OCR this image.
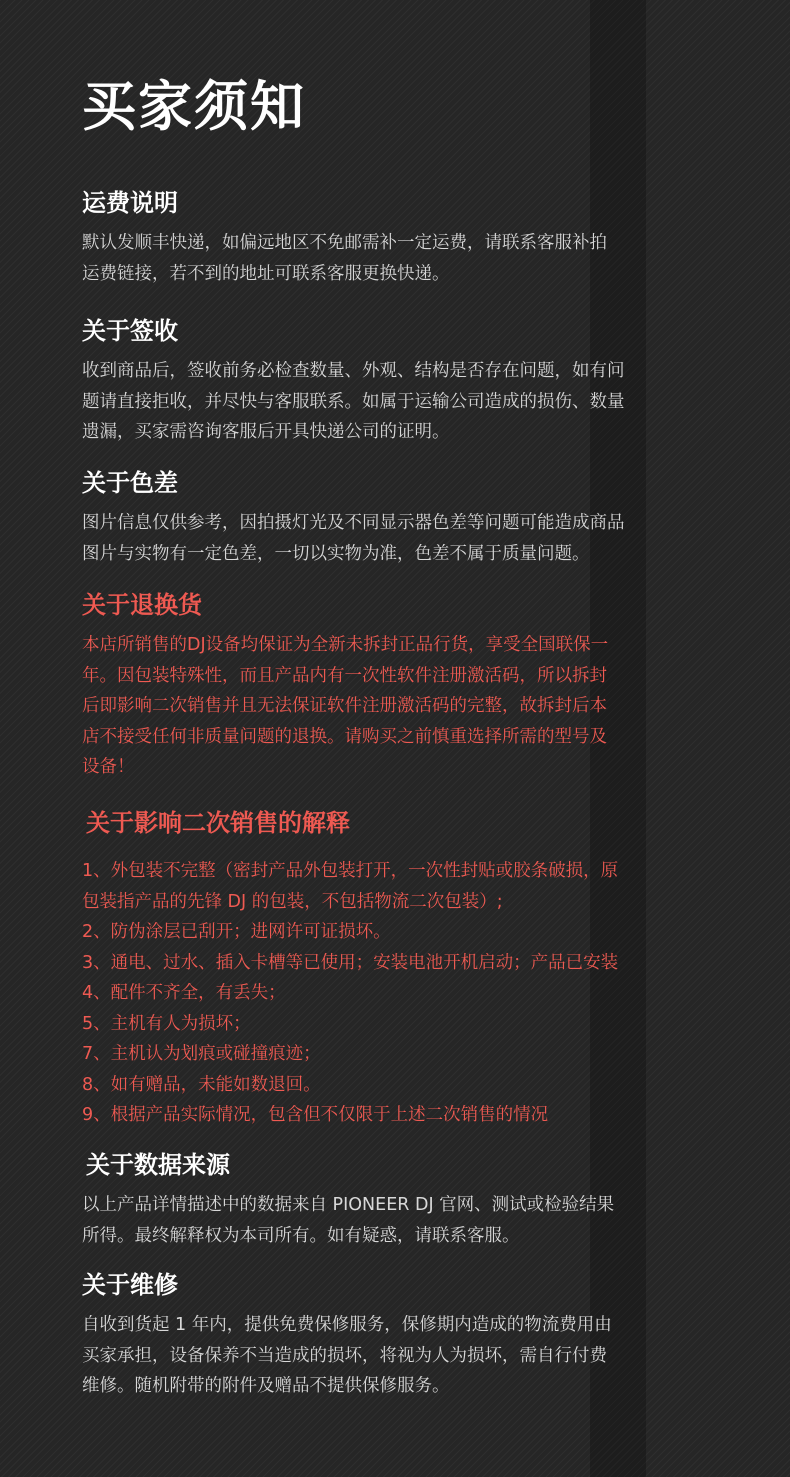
买家须知
运费说明
默认发顺丰快递，如偏远地区不免邮需补一定运费，请联系客服补拍
运费链接，若不到的地址可联系客服更换快递。
关于签收
收到商品后，签收前务必检查数量、外观、结构是否存在问题，如有问
题请直接拒收，并尽快与客服联系。如属于运输公司造成的损伤、数量
遗漏，买家需咨询客服后开具快递公司的证明。
关于色差
图片信息仅供参考，因拍摄灯光及不同显示器色差等问题可能造成商品
图片与实物有一定色差，一切以实物为准，色差不属于质量问题。
关于退换货
本店所销售的DJ设备均保证为全新未拆封正品行货，享受全国联保一
年。因包装特殊性，而且产品内有一次性软件注册激活码，所以拆封
后即影响二次销售并且无法保证软件注册激活码的完整，故拆封后本
店不接受任何非质量问题的退换。请购买之前慎重选择所需的型号及
设备！
关于影响二次销售的解释
1、外包装不完整（密封产品外包装打开，一次性封贴或胶条破损，原
包装指产品的先锋 DJ 的包装，不包括物流二次包装）;
2、防伪涂层已刮开；进网许可证损坏。
3、通电、过水、插入卡槽等已使用；安装电池开机启动；产品已安装
4、配件不齐全，有丢失；
5、主机有人为损坏；
7、主机认为划痕或碰撞痕迹；
8、如有赠品，未能如数退回。
9、根据产品实际情况，包含但不仅限于上述二次销售的情况
关于数据来源
以上产品详情描述中的数据来自 PIONEER DJ 官网、测试或检验结果
所得。最终解释权为本司所有。如有疑惑，请联系客服。
关于维修
自收到货起 1 年内，提供免费保修服务，保修期内造成的物流费用由
买家承担，设备保养不当造成的损坏，将视为人为损坏，需自行付费
维修。随机附带的附件及赠品不提供保修服务。
